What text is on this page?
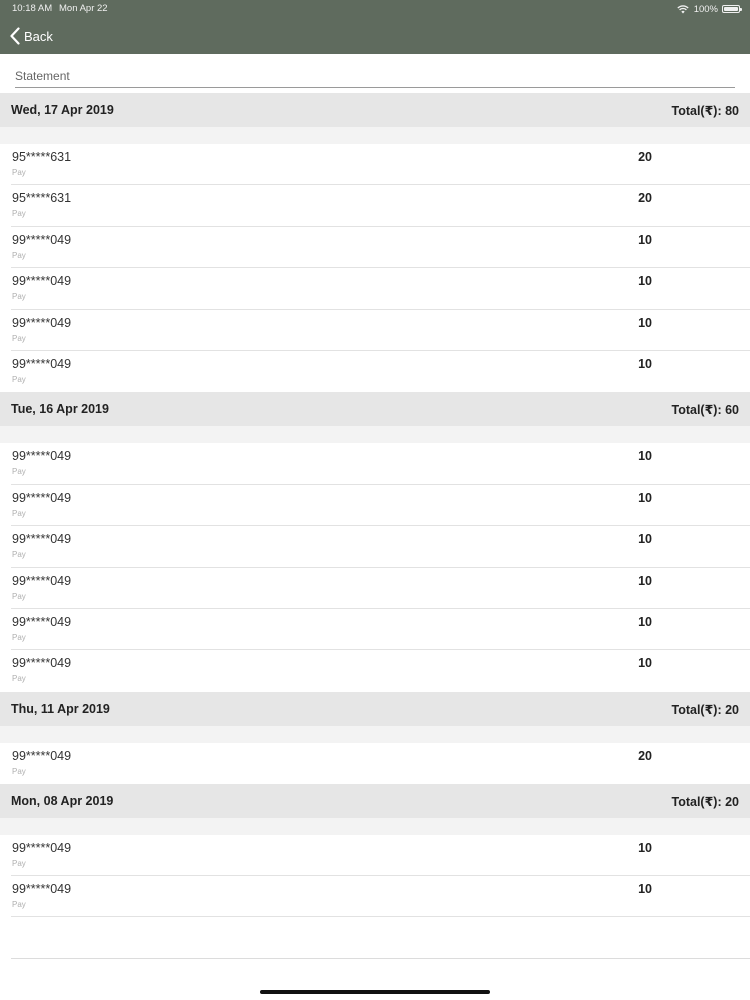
10:18 AM Mon Apr 22	100%
Back
Statement
Wed, 17 Apr 2019	Total(₹): 80
95*****631
Pay
20
95*****631
Pay
20
99*****049
Pay
10
99*****049
Pay
10
99*****049
Pay
10
99*****049
Pay
10
Tue, 16 Apr 2019	Total(₹): 60
99*****049
Pay
10
99*****049
Pay
10
99*****049
Pay
10
99*****049
Pay
10
99*****049
Pay
10
99*****049
Pay
10
Thu, 11 Apr 2019	Total(₹): 20
99*****049
Pay
20
Mon, 08 Apr 2019	Total(₹): 20
99*****049
Pay
10
99*****049
Pay
10
